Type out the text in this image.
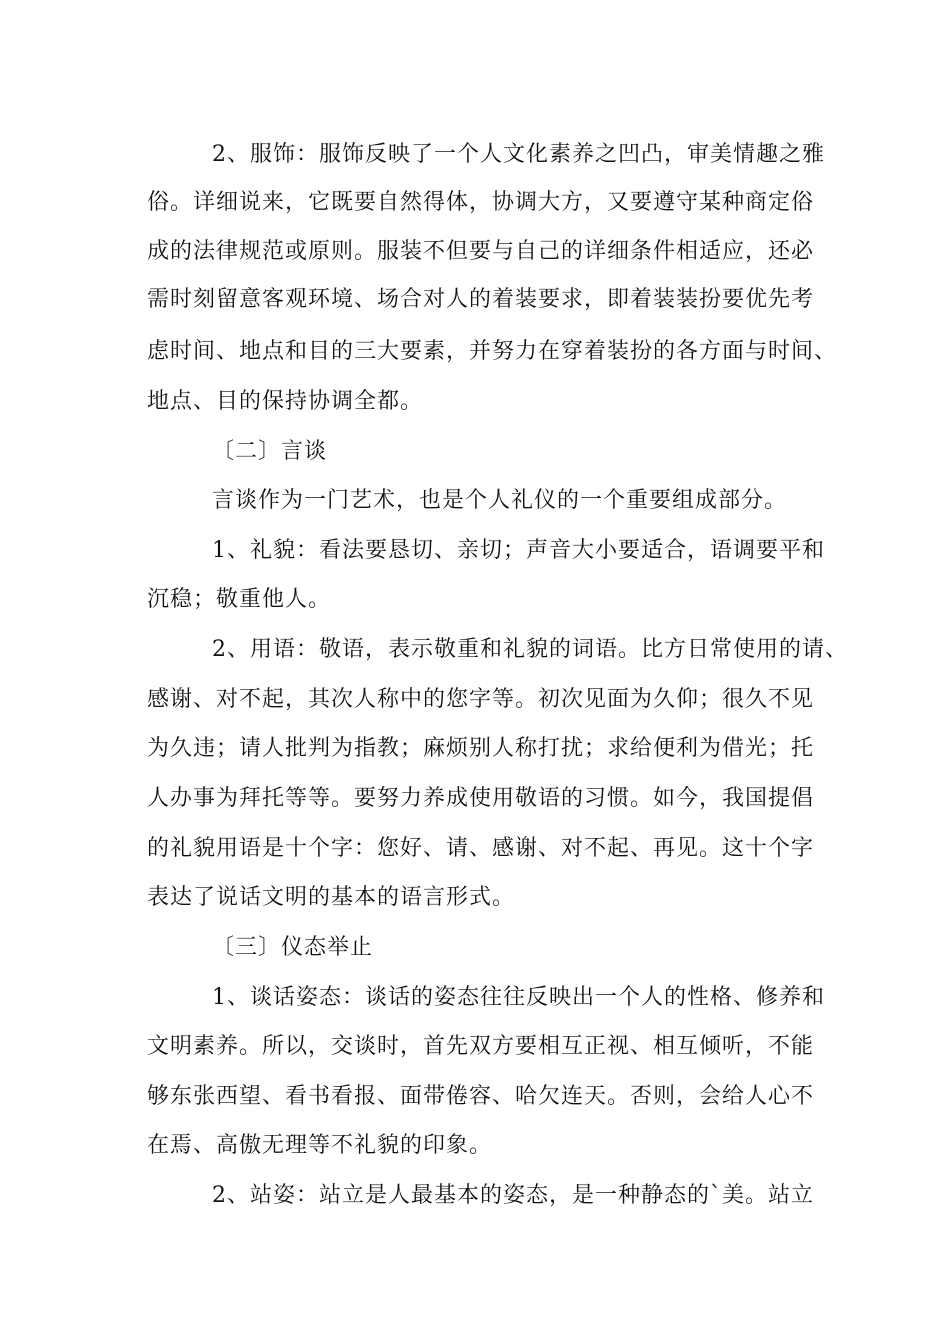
2、服饰：服饰反映了一个人文化素养之凹凸，审美情趣之雅

俗。详细说来，它既要自然得体，协调大方，又要遵守某种商定俗

成的法律规范或原则。服装不但要与自己的详细条件相适应，还必

需时刻留意客观环境、场合对人的着装要求，即着装装扮要优先考

虑时间、地点和目的三大要素，并努力在穿着装扮的各方面与时间、

地点、目的保持协调全都。

〔二〕言谈

言谈作为一门艺术，也是个人礼仪的一个重要组成部分。

1、礼貌：看法要恳切、亲切；声音大小要适合，语调要平和

沉稳；敬重他人。

2、用语：敬语，表示敬重和礼貌的词语。比方日常使用的请、

感谢、对不起，其次人称中的您字等。初次见面为久仰；很久不见

为久违；请人批判为指教；麻烦别人称打扰；求给便利为借光；托

人办事为拜托等等。要努力养成使用敬语的习惯。如今，我国提倡

的礼貌用语是十个字：您好、请、感谢、对不起、再见。这十个字

表达了说话文明的基本的语言形式。

〔三〕仪态举止

1、谈话姿态：谈话的姿态往往反映出一个人的性格、修养和

文明素养。所以，交谈时，首先双方要相互正视、相互倾听，不能

够东张西望、看书看报、面带倦容、哈欠连天。否则，会给人心不

在焉、高傲无理等不礼貌的印象。

2、站姿：站立是人最基本的姿态，是一种静态的`美。站立
